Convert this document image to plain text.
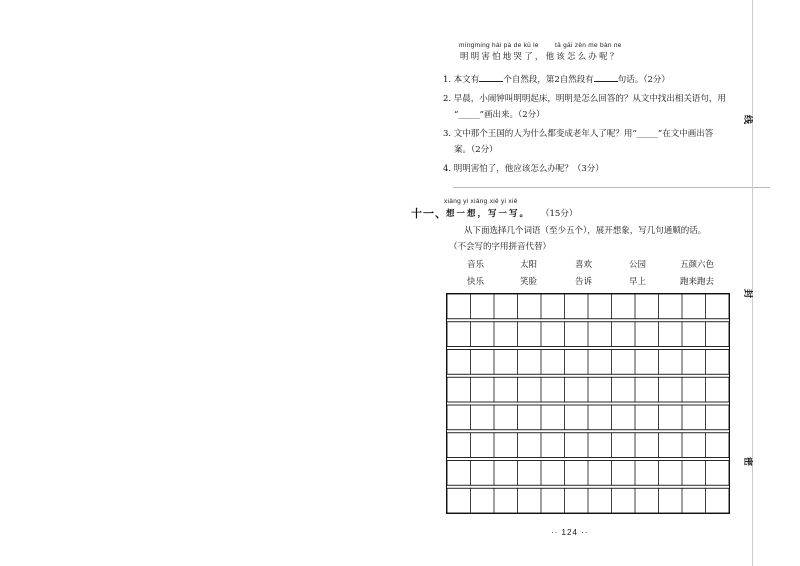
míngming hài pà de kū le tā gāi zěn me bàn ne
明明害怕地哭了，他该怎么办呢？
1. 本文有	个自然段，第2自然段有	句话。（2分）
2. 早晨，小闹钟叫明明起床，明明是怎么回答的？从文中找出相关语句，用
“_____”画出来。（2分）
3. 文中那个王国的人为什么都变成老年人了呢？用“_____”在文中画出答
案。（2分）
4. 明明害怕了，他应该怎么办呢？（3分）
xiǎng yi xiǎng xiě yi xiě
十一、 想一想，写一写。 （15分）
从下面选择几个词语（至少五个），展开想象，写几句通顺的话。
（不会写的字用拼音代替）
音乐	太阳	喜欢	公园	五颜六色
快乐	笑脸	告诉	早上	跑来跑去
线
封
密
·· 124 ··
